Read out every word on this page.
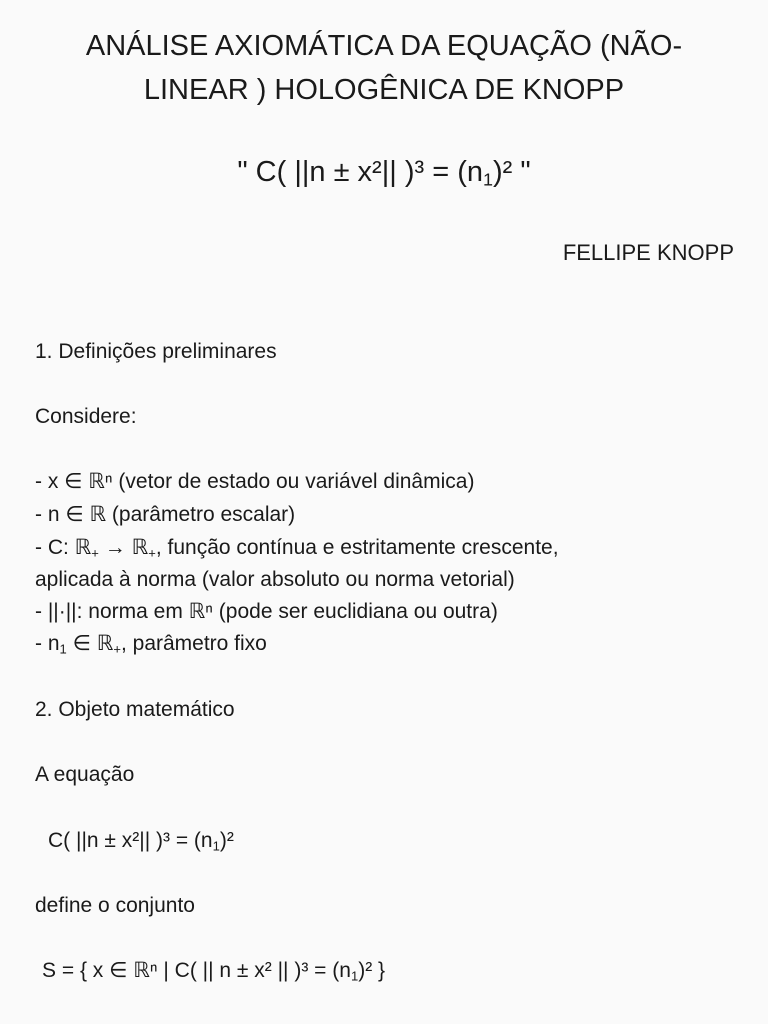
ANÁLISE AXIOMÁTICA DA EQUAÇÃO (NÃO-
LINEAR ) HOLOGÊNICA DE KNOPP
" C( ||n ± x²|| )$^3 = (n_1)^2$ "
FELLIPE KNOPP
1. Definições preliminares
Considere:
- x ∈ ℝⁿ (vetor de estado ou variável dinâmica)
- n ∈ ℝ (parâmetro escalar)
- C: ℝ$_+$ → ℝ$_+$, função contínua e estritamente crescente,
aplicada à norma (valor absoluto ou norma vetorial)
- ||·||: norma em ℝⁿ (pode ser euclidiana ou outra)
- $n_1$ ∈ ℝ$_+$, parâmetro fixo
2. Objeto matemático
A equação
C( ||n ± x²|| )$^3 = (n_1)^2$
define o conjunto
S = { x ∈ ℝⁿ | C( || n ± x² || )$^3 = (n_1)^2$ }
